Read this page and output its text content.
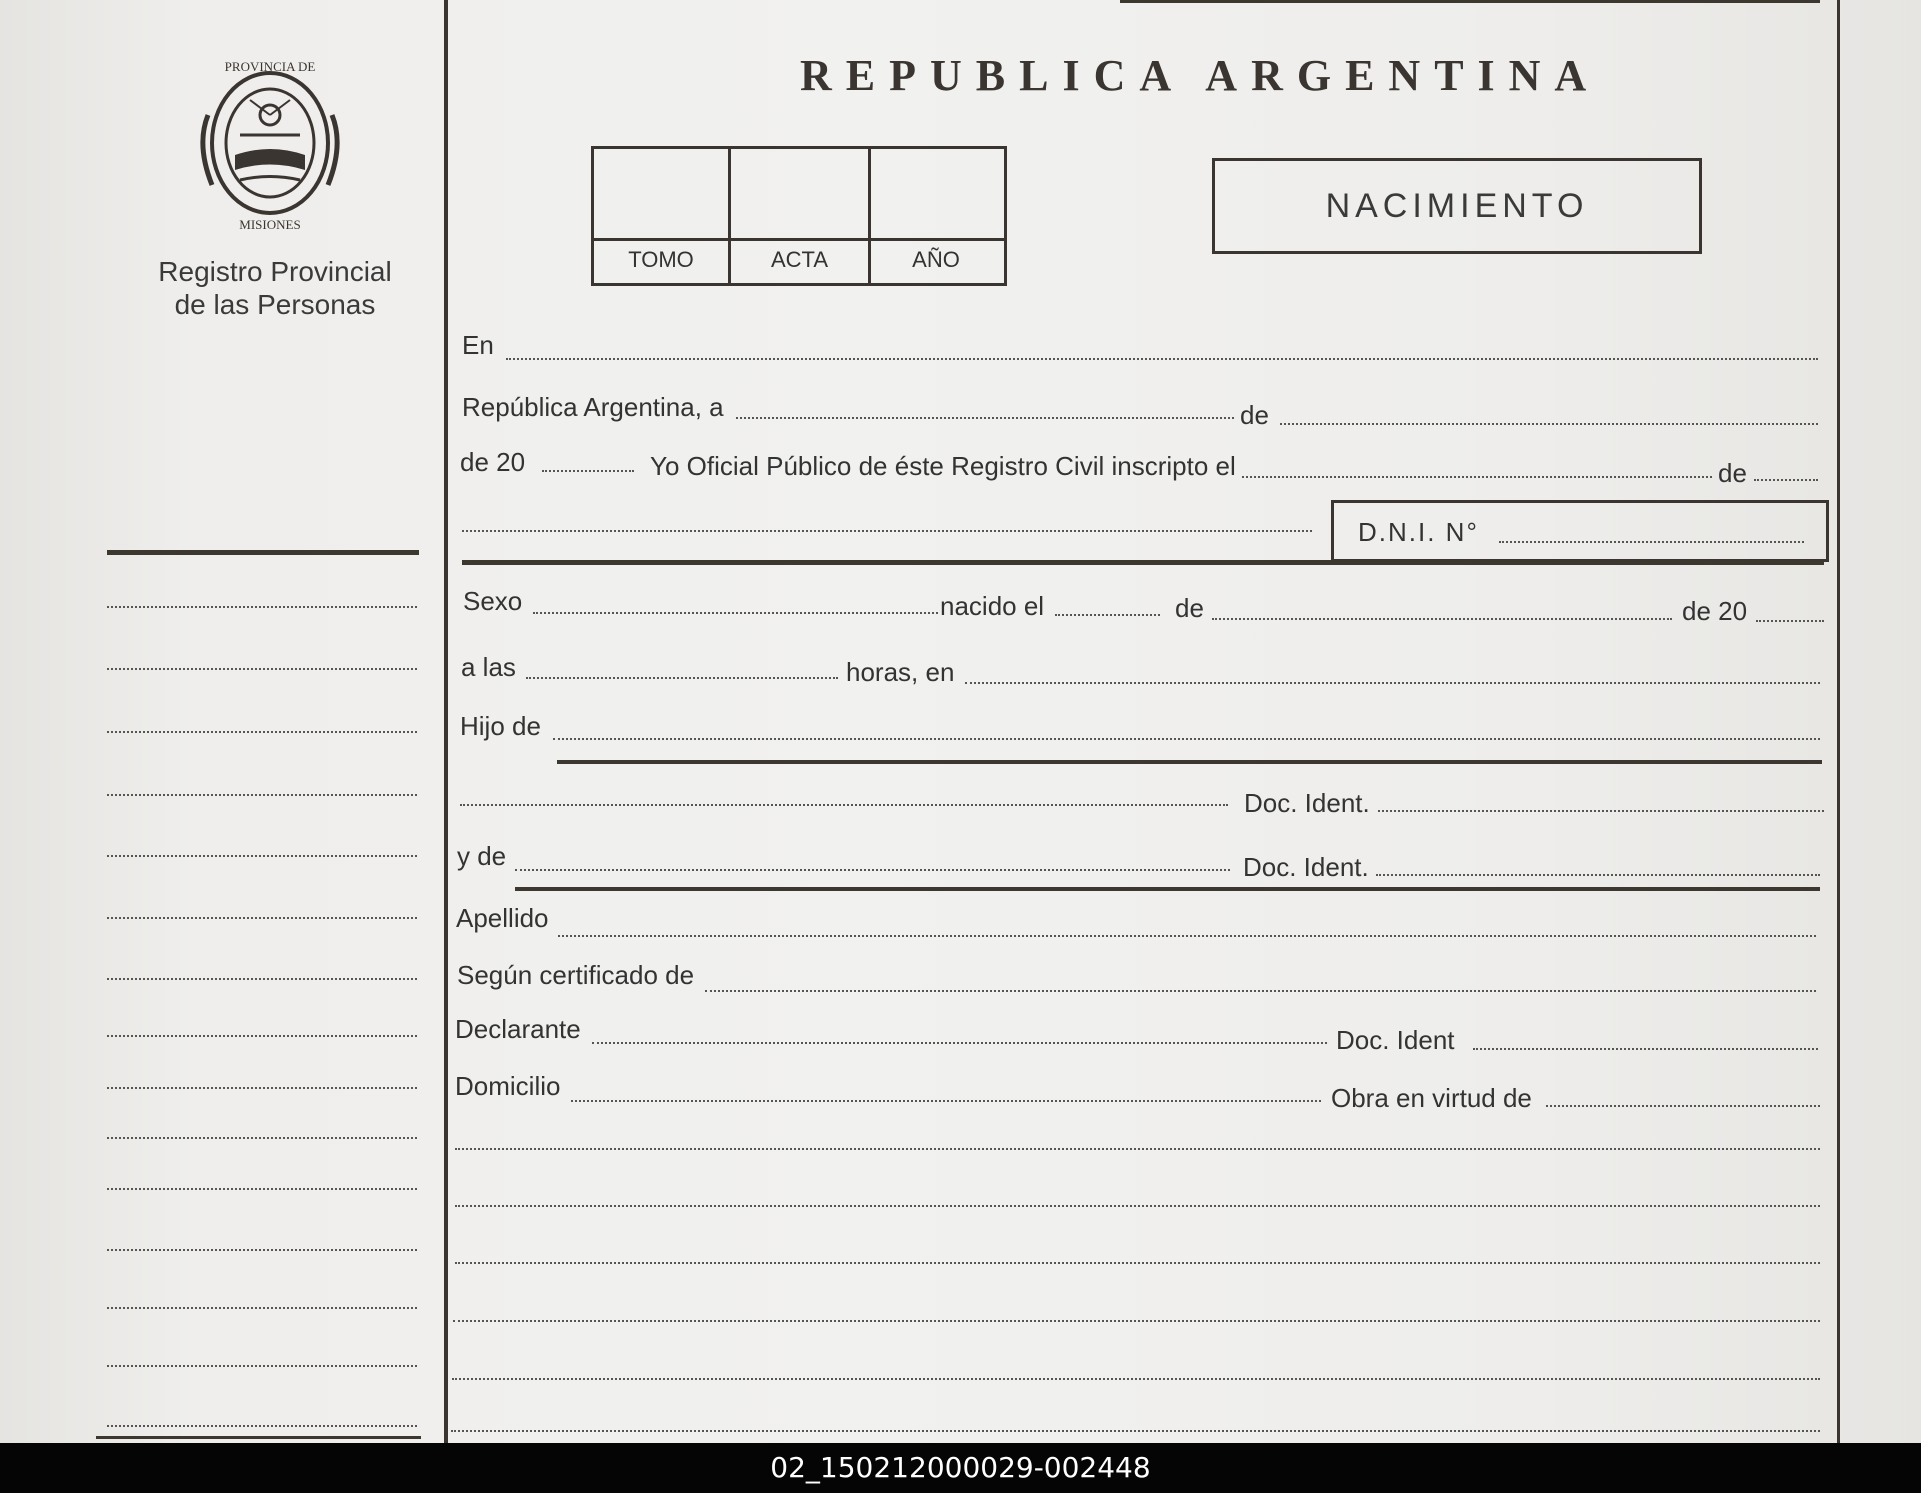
PROVINCIA DE
MISIONES
Registro Provincial
de las Personas
REPUBLICA ARGENTINA
TOMO	ACTA	AÑO
NACIMIENTO
En
República Argentina, a	de
de 20	Yo Oficial Público de éste Registro Civil inscripto el	de
D.N.I. N°
Sexo	nacido el	de	de 20
a las	horas, en
Hijo de
Doc. Ident.
y de	Doc. Ident.
Apellido
Según certificado de
Declarante	Doc. Ident
Domicilio	Obra en virtud de
02_150212000029-002448
